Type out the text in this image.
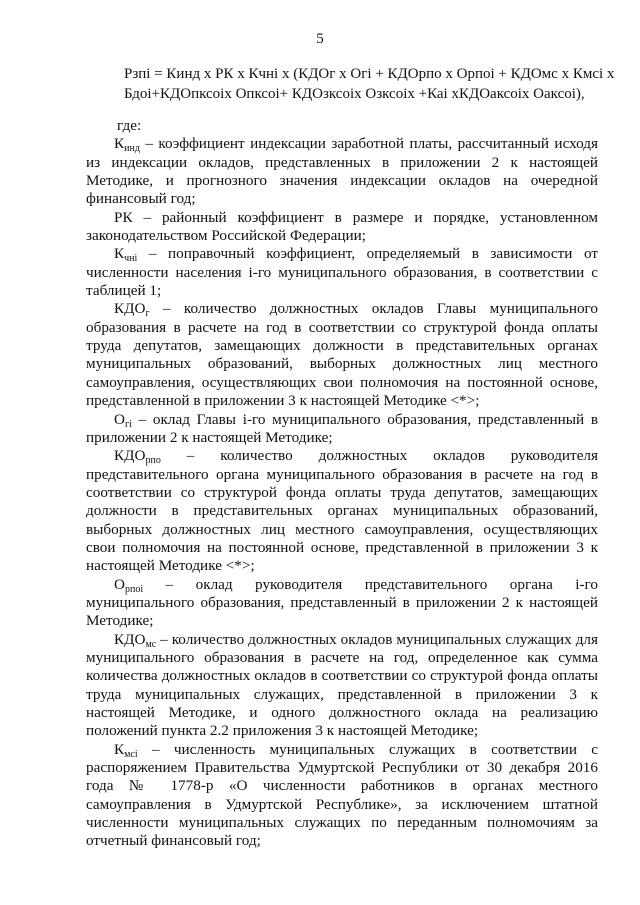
5
Рзпi = Кинд х РК х Кчнi х (КДОг х Огi + КДОрпо х Орпоi + КДОмс х Кмсi х
Бдоi+КДОпксоiх Опксоi+ КДОзксоiх Озксоiх +Каi хКДОаксоiх Оаксоi),

где:

$К_{инд}$ – коэффициент индексации заработной платы, рассчитанный исходя из индексации окладов, представленных в приложении 2 к настоящей Методике, и прогнозного значения индексации окладов на очередной финансовый год;

РК – районный коэффициент в размере и порядке, установленном законодательством Российской Федерации;

$К_{чнi}$ – поправочный коэффициент, определяемый в зависимости от численности населения i-го муниципального образования, в соответствии с таблицей 1;

$КДО_г$ – количество должностных окладов Главы муниципального образования в расчете на год в соответствии со структурой фонда оплаты труда депутатов, замещающих должности в представительных органах муниципальных образований, выборных должностных лиц местного самоуправления, осуществляющих свои полномочия на постоянной основе, представленной в приложении 3 к настоящей Методике <*>;

$О_{гi}$ – оклад Главы i-го муниципального образования, представленный в приложении 2 к настоящей Методике;

$КДО_{рпо}$ – количество должностных окладов руководителя представительного органа муниципального образования в расчете на год в соответствии со структурой фонда оплаты труда депутатов, замещающих должности в представительных органах муниципальных образований, выборных должностных лиц местного самоуправления, осуществляющих свои полномочия на постоянной основе, представленной в приложении 3 к настоящей Методике <*>;

$О_{рпоi}$ – оклад руководителя представительного органа i-го муниципального образования, представленный в приложении 2 к настоящей Методике;

$КДО_{мс}$ – количество должностных окладов муниципальных служащих для муниципального образования в расчете на год, определенное как сумма количества должностных окладов в соответствии со структурой фонда оплаты труда муниципальных служащих, представленной в приложении 3 к настоящей Методике, и одного должностного оклада на реализацию положений пункта 2.2 приложения 3 к настоящей Методике;

$К_{мсi}$ – численность муниципальных служащих в соответствии с распоряжением Правительства Удмуртской Республики от 30 декабря 2016 года № 1778-р «О численности работников в органах местного самоуправления в Удмуртской Республике», за исключением штатной численности муниципальных служащих по переданным полномочиям за отчетный финансовый год;
